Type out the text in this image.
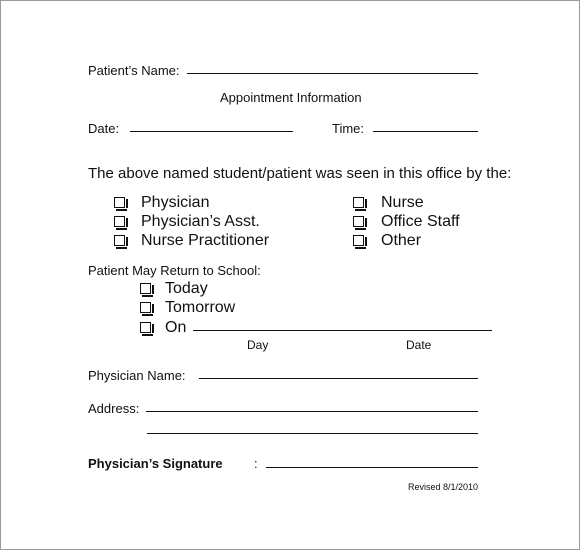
Patient’s Name:
Appointment Information
Date:	Time:
The above named student/patient was seen in this office by the:
Physician
Physician’s Asst.
Nurse Practitioner
Nurse
Office Staff
Other
Patient May Return to School:
Today
Tomorrow
On
Day	Date
Physician Name:
Address:
Physician’s Signature :
Revised 8/1/2010
